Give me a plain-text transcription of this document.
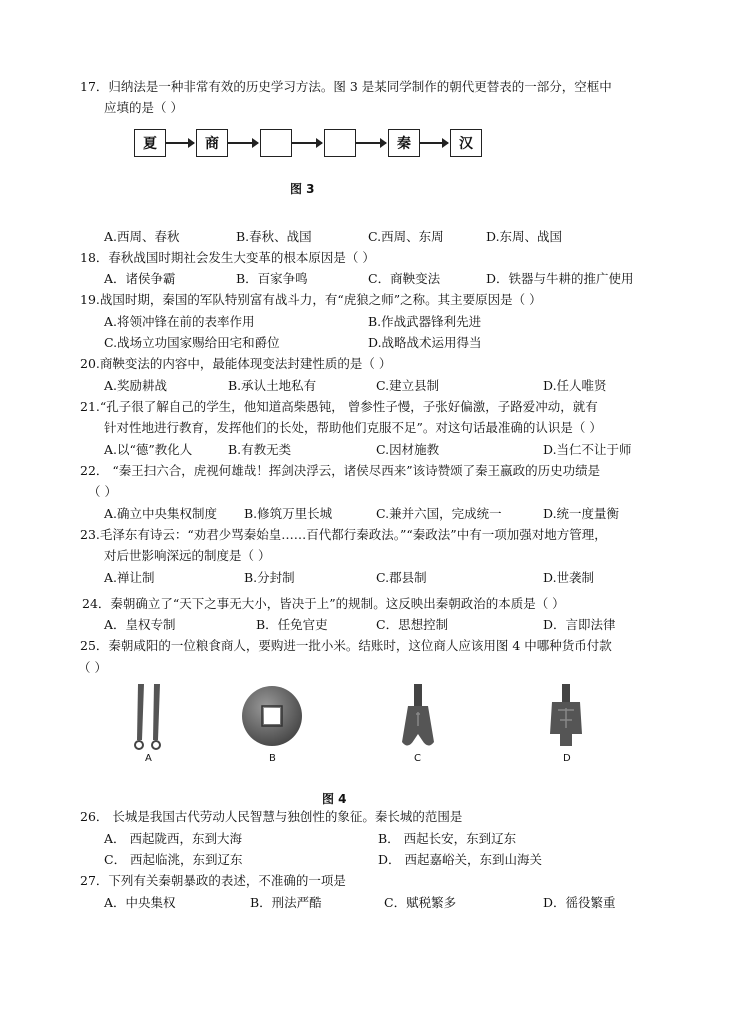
17．归纳法是一种非常有效的历史学习方法。图 3 是某同学制作的朝代更替表的一部分，空框中
应填的是（ ）
夏	商	秦	汉
图 3
A.西周、春秋	B.春秋、战国	C.西周、东周	D.东周、战国
18．春秋战国时期社会发生大变革的根本原因是（ ）
A．诸侯争霸	B．百家争鸣	C．商鞅变法	D．铁器与牛耕的推广使用
19.战国时期，秦国的军队特别富有战斗力，有“虎狼之师”之称。其主要原因是（ ）
A.将领冲锋在前的表率作用	B.作战武器锋利先进
C.战场立功国家赐给田宅和爵位	D.战略战术运用得当
20.商鞅变法的内容中，最能体现变法封建性质的是（ ）
A.奖励耕战	B.承认土地私有	C.建立县制	D.任人唯贤
21.“孔子很了解自己的学生，他知道高柴愚钝， 曾参性子慢，子张好偏激，子路爱冲动，就有
针对性地进行教育，发挥他们的长处，帮助他们克服不足”。对这句话最准确的认识是（ ）
A.以“德”教化人	B.有教无类	C.因材施教	D.当仁不让于师
22． “秦王扫六合，虎视何雄哉！挥剑决浮云，诸侯尽西来”该诗赞颂了秦王嬴政的历史功绩是
（ ）
A.确立中央集权制度 B.修筑万里长城	C.兼并六国，完成统一	D.统一度量衡
23.毛泽东有诗云：“劝君少骂秦始皇……百代都行秦政法。”“秦政法”中有一项加强对地方管理，
对后世影响深远的制度是（ ）
A.禅让制	B.分封制	C.郡县制	D.世袭制
24．秦朝确立了“天下之事无大小，皆决于上”的规制。这反映出秦朝政治的本质是（ ）
A．皇权专制	B．任免官吏	C．思想控制	D．言即法律
25．秦朝咸阳的一位粮食商人，要购进一批小米。结账时，这位商人应该用图 4 中哪种货币付款
（ ）
A	B	C	D
图 4
26． 长城是我国古代劳动人民智慧与独创性的象征。秦长城的范围是
A． 西起陇西，东到大海	B． 西起长安，东到辽东
C． 西起临洮，东到辽东	D． 西起嘉峪关，东到山海关
27．下列有关秦朝暴政的表述，不准确的一项是
A．中央集权	B．刑法严酷	C．赋税繁多	D．徭役繁重
